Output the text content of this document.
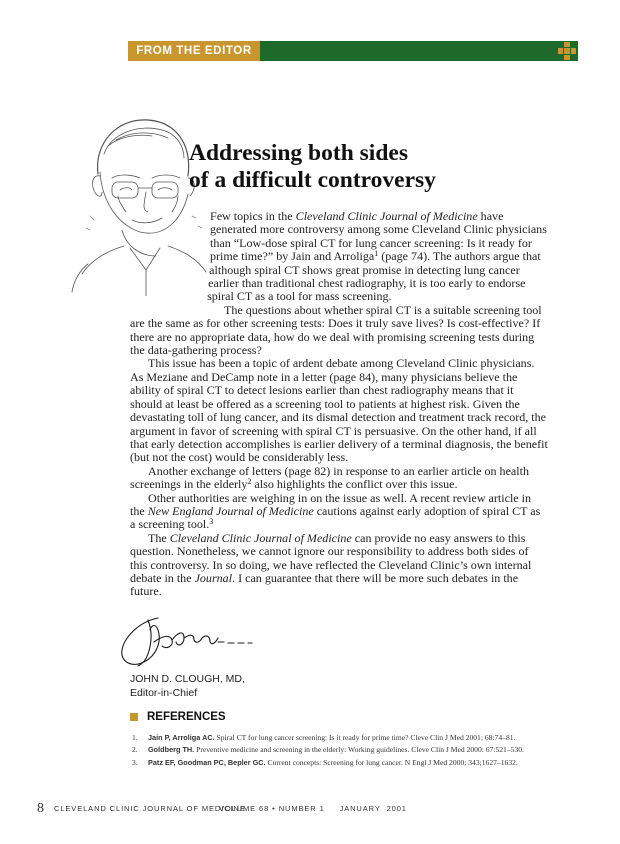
FROM THE EDITOR
Addressing both sides
of a difficult controversy

Few topics in the Cleveland Clinic Journal of Medicine have generated more controversy among some Cleveland Clinic physicians than “Low-dose spiral CT for lung cancer screening: Is it ready for prime time?” by Jain and Arroliga$^1$ (page 74). The authors argue that although spiral CT shows great promise in detecting lung cancer earlier than traditional chest radiography, it is too early to endorse spiral CT as a tool for mass screening.

The questions about whether spiral CT is a suitable screening tool are the same as for other screening tests: Does it truly save lives? Is cost-effective? If there are no appropriate data, how do we deal with promising screening tests during the data-gathering process?

This issue has been a topic of ardent debate among Cleveland Clinic physicians. As Meziane and DeCamp note in a letter (page 84), many physicians believe the ability of spiral CT to detect lesions earlier than chest radiography means that it should at least be offered as a screening tool to patients at highest risk. Given the devastating toll of lung cancer, and its dismal detection and treatment track record, the argument in favor of screening with spiral CT is persuasive. On the other hand, if all that early detection accomplishes is earlier delivery of a terminal diagnosis, the benefit (but not the cost) would be considerably less.

Another exchange of letters (page 82) in response to an earlier article on health screenings in the elderly$^2$ also highlights the conflict over this issue.

Other authorities are weighing in on the issue as well. A recent review article in the New England Journal of Medicine cautions against early adoption of spiral CT as a screening tool.$^3$

The Cleveland Clinic Journal of Medicine can provide no easy answers to this question. Nonetheless, we cannot ignore our responsibility to address both sides of this controversy. In so doing, we have reflected the Cleveland Clinic’s own internal debate in the Journal. I can guarantee that there will be more such debates in the future.

JOHN D. CLOUGH, MD,
Editor-in-Chief
REFERENCES
1. Jain P, Arroliga AC. Spiral CT for lung cancer screening: Is it ready for prime time? Cleve Clin J Med 2001; 68:74–81.
2. Goldberg TH. Preventive medicine and screening in the elderly: Working guidelines. Cleve Clin J Med 2000: 67:521–530.
3. Patz EF, Goodman PC, Bepler GC. Current concepts: Screening for lung cancer. N Engl J Med 2000; 343;1627–1632.
8 CLEVELAND CLINIC JOURNAL OF MEDICINE
VOLUME 68 • NUMBER 1     JANUARY  2001
